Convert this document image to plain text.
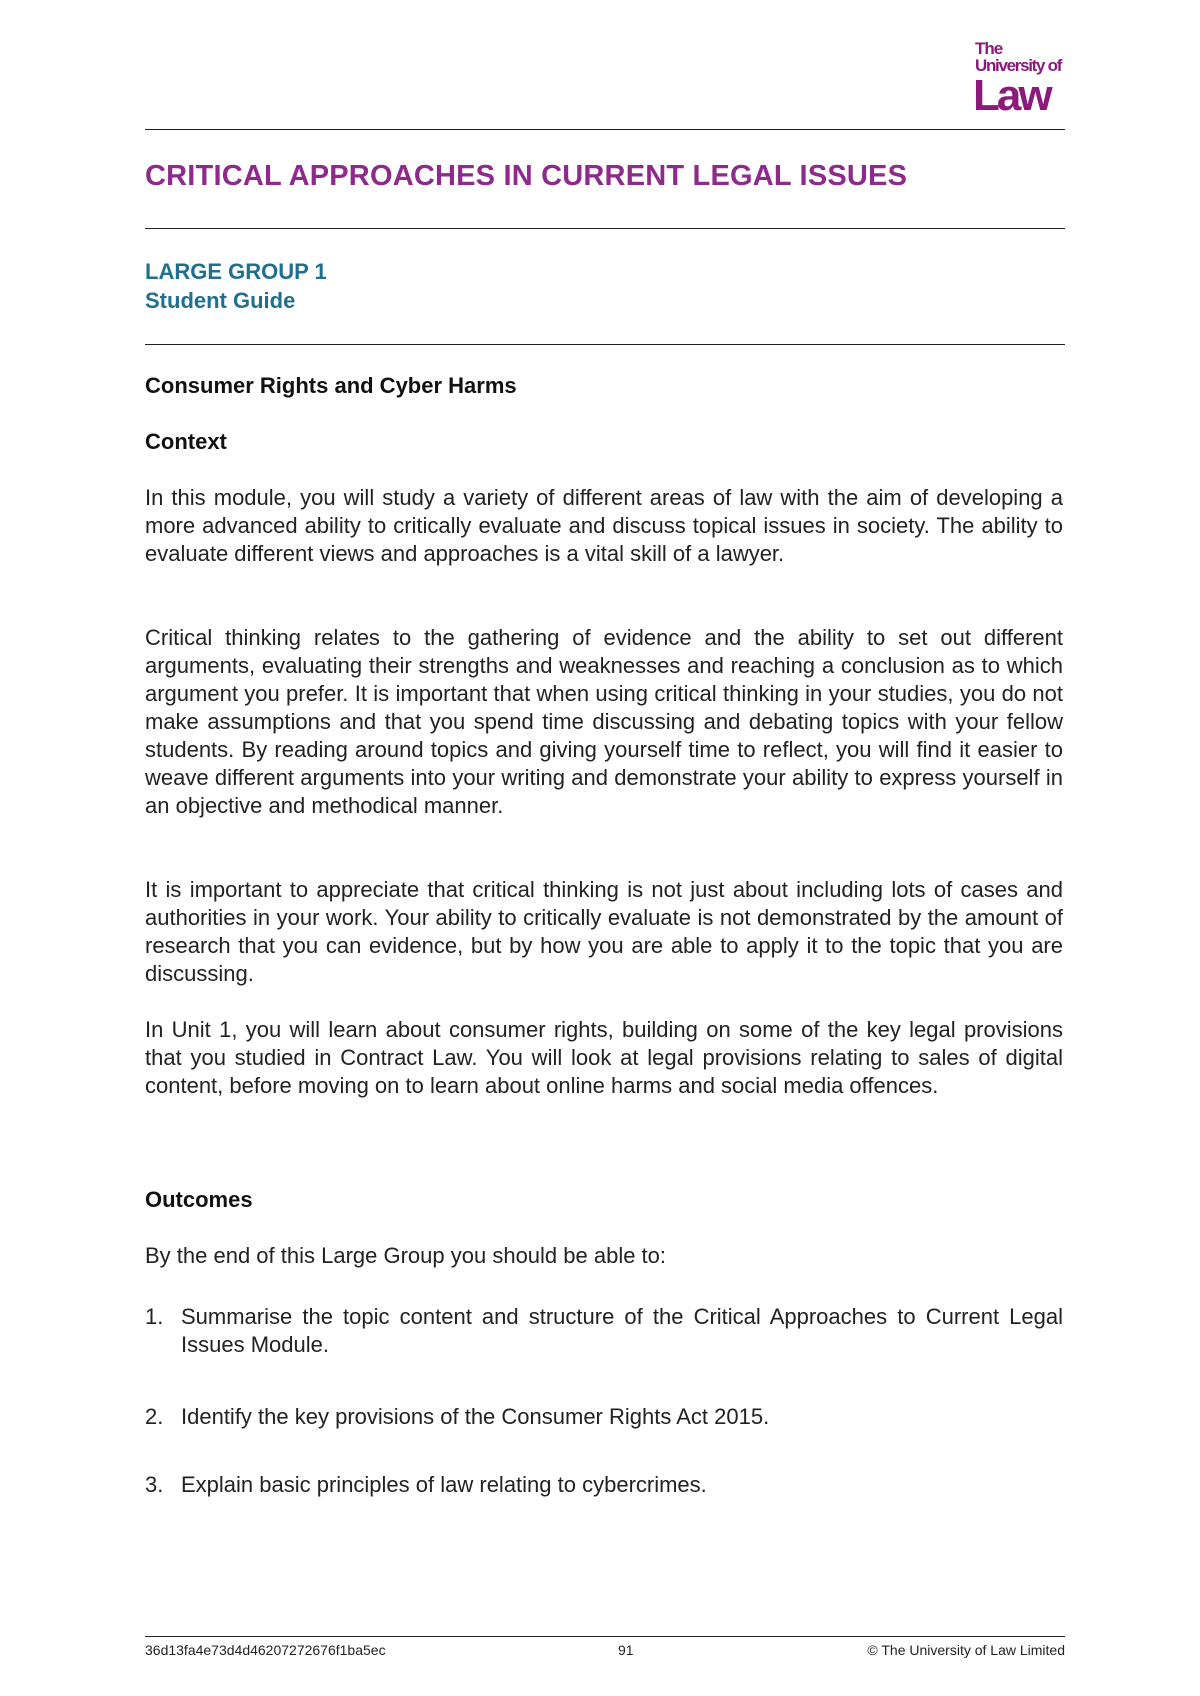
The
University of
Law
CRITICAL APPROACHES IN CURRENT LEGAL ISSUES
LARGE GROUP 1
Student Guide
Consumer Rights and Cyber Harms
Context

In this module, you will study a variety of different areas of law with the aim of developing a more advanced ability to critically evaluate and discuss topical issues in society. The ability to evaluate different views and approaches is a vital skill of a lawyer.

Critical thinking relates to the gathering of evidence and the ability to set out different arguments, evaluating their strengths and weaknesses and reaching a conclusion as to which argument you prefer. It is important that when using critical thinking in your studies, you do not make assumptions and that you spend time discussing and debating topics with your fellow students. By reading around topics and giving yourself time to reflect, you will find it easier to weave different arguments into your writing and demonstrate your ability to express yourself in an objective and methodical manner.

It is important to appreciate that critical thinking is not just about including lots of cases and authorities in your work. Your ability to critically evaluate is not demonstrated by the amount of research that you can evidence, but by how you are able to apply it to the topic that you are discussing.

In Unit 1, you will learn about consumer rights, building on some of the key legal provisions that you studied in Contract Law. You will look at legal provisions relating to sales of digital content, before moving on to learn about online harms and social media offences.

Outcomes

By the end of this Large Group you should be able to:

1. Summarise the topic content and structure of the Critical Approaches to Current Legal Issues Module.
2. Identify the key provisions of the Consumer Rights Act 2015.
3. Explain basic principles of law relating to cybercrimes.
36d13fa4e73d4d46207272676f1ba5ec	91	© The University of Law Limited
